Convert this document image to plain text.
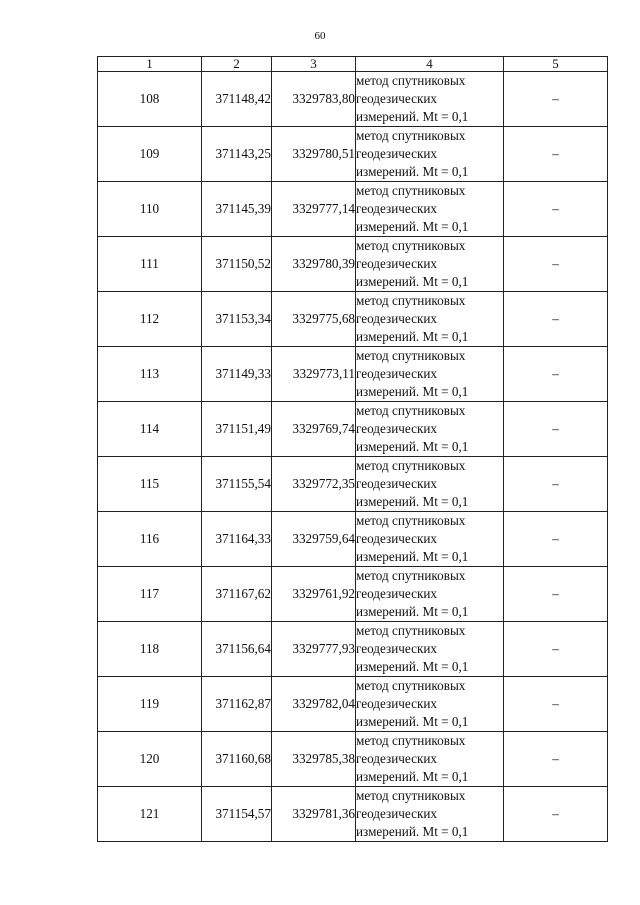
60
1	2	3	4	5
108	371148,42	3329783,80	метод спутниковых
геодезических
измерений. Mt = 0,1	–
109	371143,25	3329780,51	метод спутниковых
геодезических
измерений. Mt = 0,1	–
110	371145,39	3329777,14	метод спутниковых
геодезических
измерений. Mt = 0,1	–
111	371150,52	3329780,39	метод спутниковых
геодезических
измерений. Mt = 0,1	–
112	371153,34	3329775,68	метод спутниковых
геодезических
измерений. Mt = 0,1	–
113	371149,33	3329773,11	метод спутниковых
геодезических
измерений. Mt = 0,1	–
114	371151,49	3329769,74	метод спутниковых
геодезических
измерений. Mt = 0,1	–
115	371155,54	3329772,35	метод спутниковых
геодезических
измерений. Mt = 0,1	–
116	371164,33	3329759,64	метод спутниковых
геодезических
измерений. Mt = 0,1	–
117	371167,62	3329761,92	метод спутниковых
геодезических
измерений. Mt = 0,1	–
118	371156,64	3329777,93	метод спутниковых
геодезических
измерений. Mt = 0,1	–
119	371162,87	3329782,04	метод спутниковых
геодезических
измерений. Mt = 0,1	–
120	371160,68	3329785,38	метод спутниковых
геодезических
измерений. Mt = 0,1	–
121	371154,57	3329781,36	метод спутниковых
геодезических
измерений. Mt = 0,1	–
